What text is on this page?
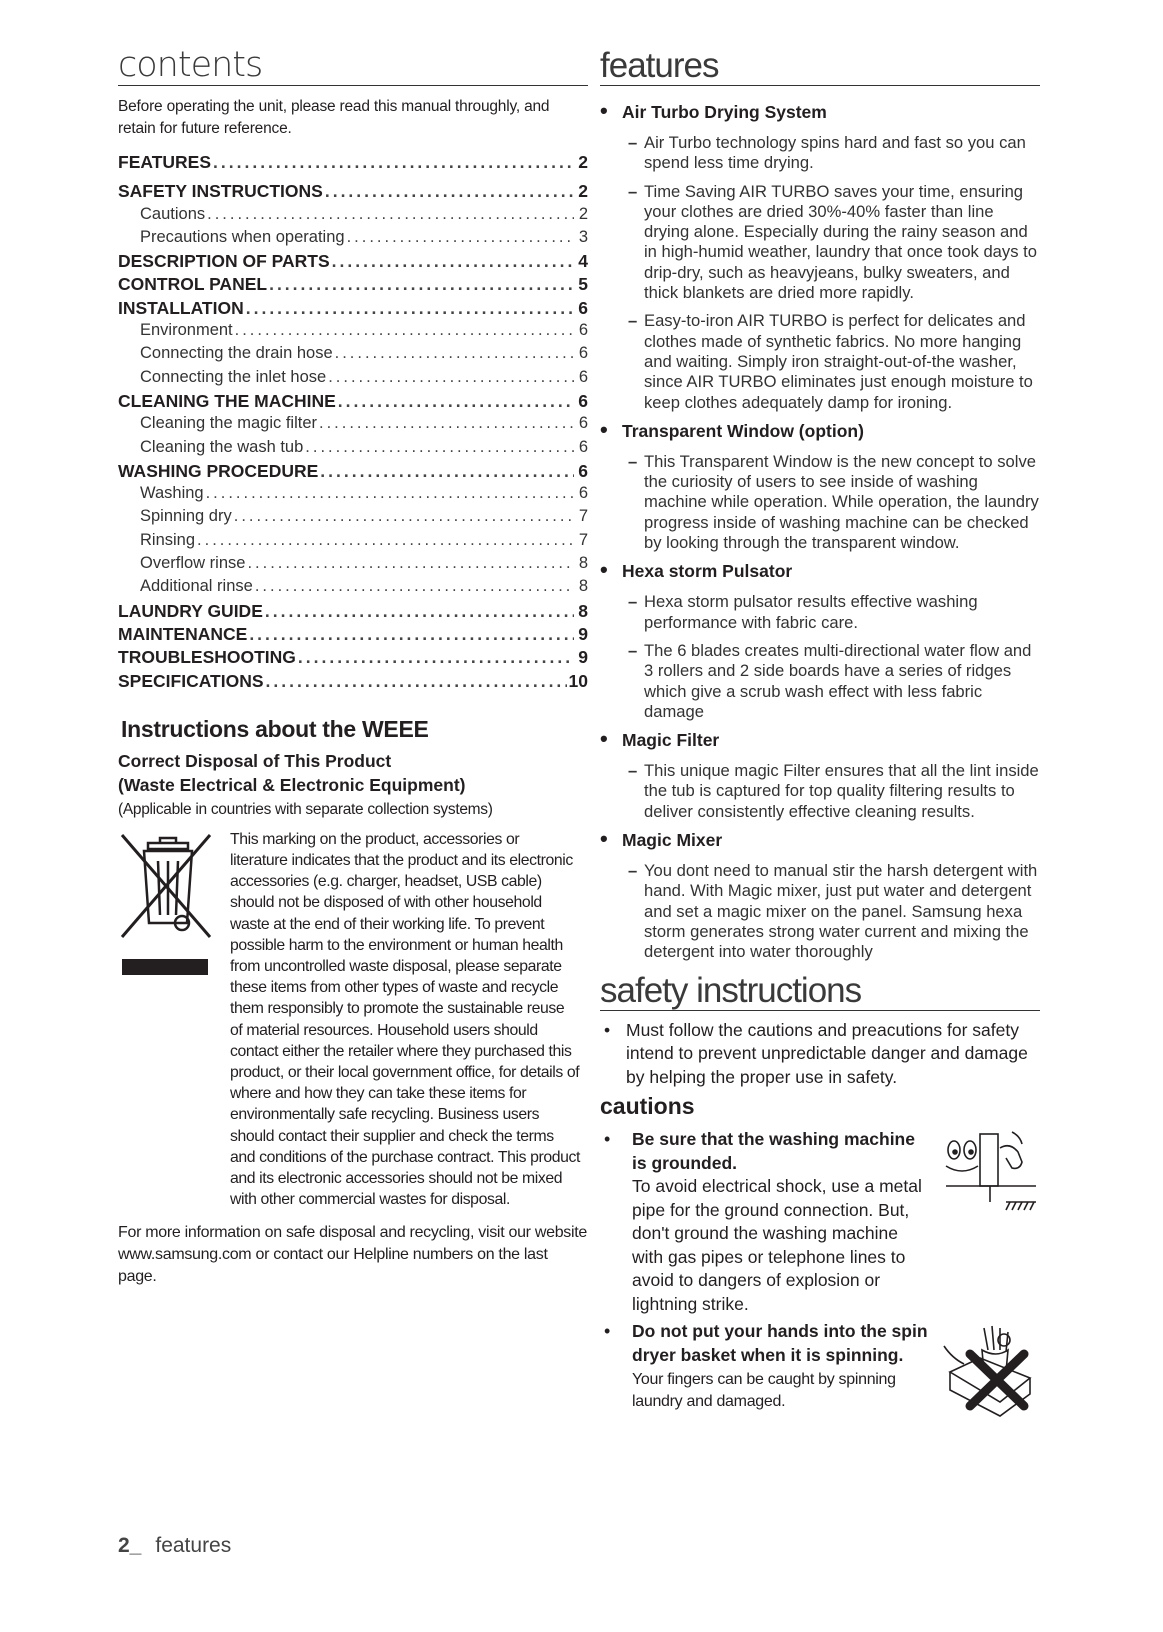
contents

Before operating the unit, please read this manual throughly, and retain for future reference.

FEATURES .....	2
SAFETY INSTRUCTIONS .....	2
Cautions .....	2
Precautions when operating .....	3
DESCRIPTION OF PARTS .....	4
CONTROL PANEL .....	5
INSTALLATION .....	6
Environment .....	6
Connecting the drain hose .....	6
Connecting the inlet hose .....	6
CLEANING THE MACHINE .....	6
Cleaning the magic filter .....	6
Cleaning the wash tub .....	6
WASHING PROCEDURE .....	6
Washing .....	6
Spinning dry .....	7
Rinsing .....	7
Overflow rinse .....	8
Additional rinse .....	8
LAUNDRY GUIDE .....	8
MAINTENANCE .....	9
TROUBLESHOOTING .....	9
SPECIFICATIONS .....	10
Instructions about the WEEE
Correct Disposal of This Product
(Waste Electrical & Electronic Equipment)
(Applicable in countries with separate collection systems)
This marking on the product, accessories or literature indicates that the product and its electronic accessories (e.g. charger, headset, USB cable) should not be disposed of with other household waste at the end of their working life. To prevent possible harm to the environment or human health from uncontrolled waste disposal, please separate these items from other types of waste and recycle them responsibly to promote the sustainable reuse of material resources. Household users should contact either the retailer where they purchased this product, or their local government office, for details of where and how they can take these items for environmentally safe recycling. Business users should contact their supplier and check the terms and conditions of the purchase contract. This product and its electronic accessories should not be mixed with other commercial wastes for disposal.
For more information on safe disposal and recycling, visit our website www.samsung.com or contact our Helpline numbers on the last page.
2_ features
features
• Air Turbo Drying System
– Air Turbo technology spins hard and fast so you can spend less time drying.
– Time Saving AIR TURBO saves your time, ensuring your clothes are dried 30%-40% faster than line drying alone. Especially during the rainy season and in high-humid weather, laundry that once took days to drip-dry, such as heavyjeans, bulky sweaters, and thick blankets are dried more rapidly.
– Easy-to-iron AIR TURBO is perfect for delicates and clothes made of synthetic fabrics. No more hanging and waiting. Simply iron straight-out-of-the washer, since AIR TURBO eliminates just enough moisture to keep clothes adequately damp for ironing.
• Transparent Window (option)
– This Transparent Window is the new concept to solve the curiosity of users to see inside of washing machine while operation. While operation, the laundry progress inside of washing machine can be checked by looking through the transparent window.
• Hexa storm Pulsator
– Hexa storm pulsator results effective washing performance with fabric care.
– The 6 blades creates multi-directional water flow and 3 rollers and 2 side boards have a series of ridges which give a scrub wash effect with less fabric damage
• Magic Filter
– This unique magic Filter ensures that all the lint inside the tub is captured for top quality filtering results to deliver consistently effective cleaning results.
• Magic Mixer
– You dont need to manual stir the harsh detergent with hand. With Magic mixer, just put water and detergent and set a magic mixer on the panel. Samsung hexa storm generates strong water current and mixing the detergent into water thoroughly
safety instructions
• Must follow the cautions and preacutions for safety intend to prevent unpredictable danger and damage by helping the proper use in safety.
cautions
•	Be sure that the washing machine is grounded.
To avoid electrical shock, use a metal pipe for the ground connection. But, don't ground the washing machine with gas pipes or telephone lines to avoid to dangers of explosion or lightning strike.
•	Do not put your hands into the spin dryer basket when it is spinning.
Your fingers can be caught by spinning laundry and damaged.
